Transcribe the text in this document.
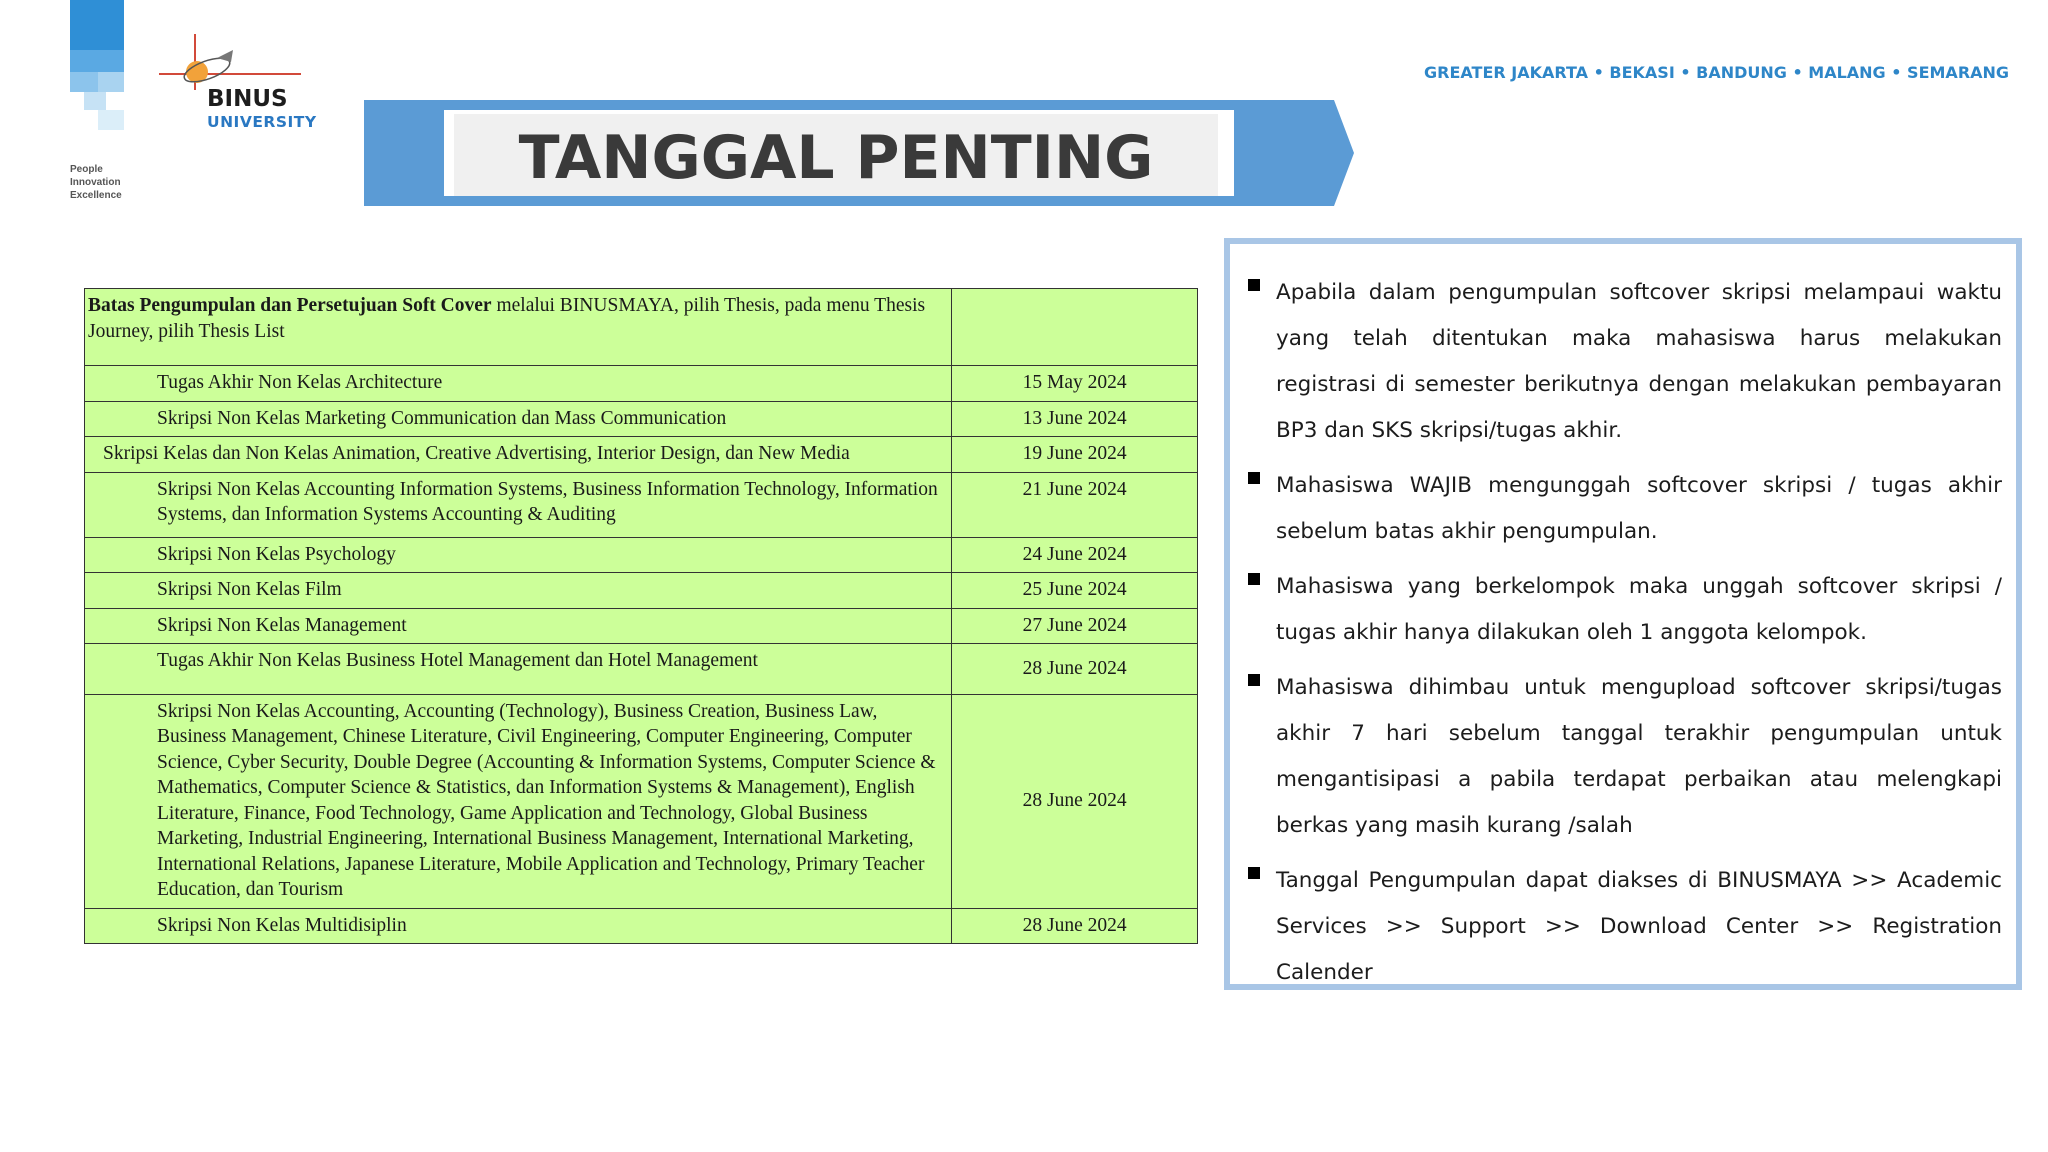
People
Innovation
Excellence
BINUS
UNIVERSITY
GREATER JAKARTA • BEKASI • BANDUNG • MALANG • SEMARANG
TANGGAL PENTING
Batas Pengumpulan dan Persetujuan Soft Cover melalui BINUSMAYA, pilih Thesis, pada menu Thesis Journey, pilih Thesis List

Tugas Akhir Non Kelas Architecture	15 May 2024
Skripsi Non Kelas Marketing Communication dan Mass Communication	13 June 2024
Skripsi Kelas dan Non Kelas Animation, Creative Advertising, Interior Design, dan New Media	19 June 2024
Skripsi Non Kelas Accounting Information Systems, Business Information Technology, Information Systems, dan Information Systems Accounting & Auditing	21 June 2024
Skripsi Non Kelas Psychology	24 June 2024
Skripsi Non Kelas Film	25 June 2024
Skripsi Non Kelas Management	27 June 2024
Tugas Akhir Non Kelas Business Hotel Management dan Hotel Management	28 June 2024
Skripsi Non Kelas Accounting, Accounting (Technology), Business Creation, Business Law, Business Management, Chinese Literature, Civil Engineering, Computer Engineering, Computer Science, Cyber Security, Double Degree (Accounting & Information Systems, Computer Science & Mathematics, Computer Science & Statistics, dan Information Systems & Management), English Literature, Finance, Food Technology, Game Application and Technology, Global Business Marketing, Industrial Engineering, International Business Management, International Marketing, International Relations, Japanese Literature, Mobile Application and Technology, Primary Teacher Education, dan Tourism	28 June 2024
Skripsi Non Kelas Multidisiplin	28 June 2024
Apabila dalam pengumpulan softcover skripsi melampaui waktu yang telah ditentukan maka mahasiswa harus melakukan registrasi di semester berikutnya dengan melakukan pembayaran BP3 dan SKS skripsi/tugas akhir.
Mahasiswa WAJIB mengunggah softcover skripsi / tugas akhir sebelum batas akhir pengumpulan.
Mahasiswa yang berkelompok maka unggah softcover skripsi / tugas akhir hanya dilakukan oleh 1 anggota kelompok.
Mahasiswa dihimbau untuk mengupload softcover skripsi/tugas akhir 7 hari sebelum tanggal terakhir pengumpulan untuk mengantisipasi a pabila terdapat perbaikan atau melengkapi berkas yang masih kurang /salah
Tanggal Pengumpulan dapat diakses di BINUSMAYA >> Academic Services >> Support >> Download Center >> Registration Calender
